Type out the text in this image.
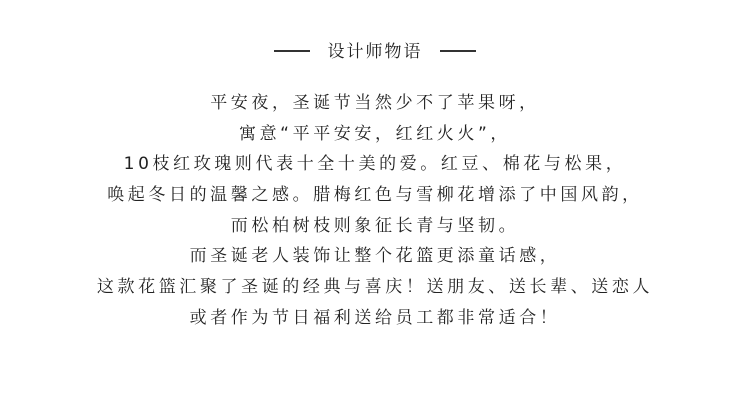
设计师物语
平安夜，圣诞节当然少不了苹果呀，
寓意“平平安安，红红火火”，
10枝红玫瑰则代表十全十美的爱。红豆、棉花与松果，
唤起冬日的温馨之感。腊梅红色与雪柳花增添了中国风韵，
而松柏树枝则象征长青与坚韧。
而圣诞老人装饰让整个花篮更添童话感，
这款花篮汇聚了圣诞的经典与喜庆！送朋友、送长辈、送恋人
或者作为节日福利送给员工都非常适合！
